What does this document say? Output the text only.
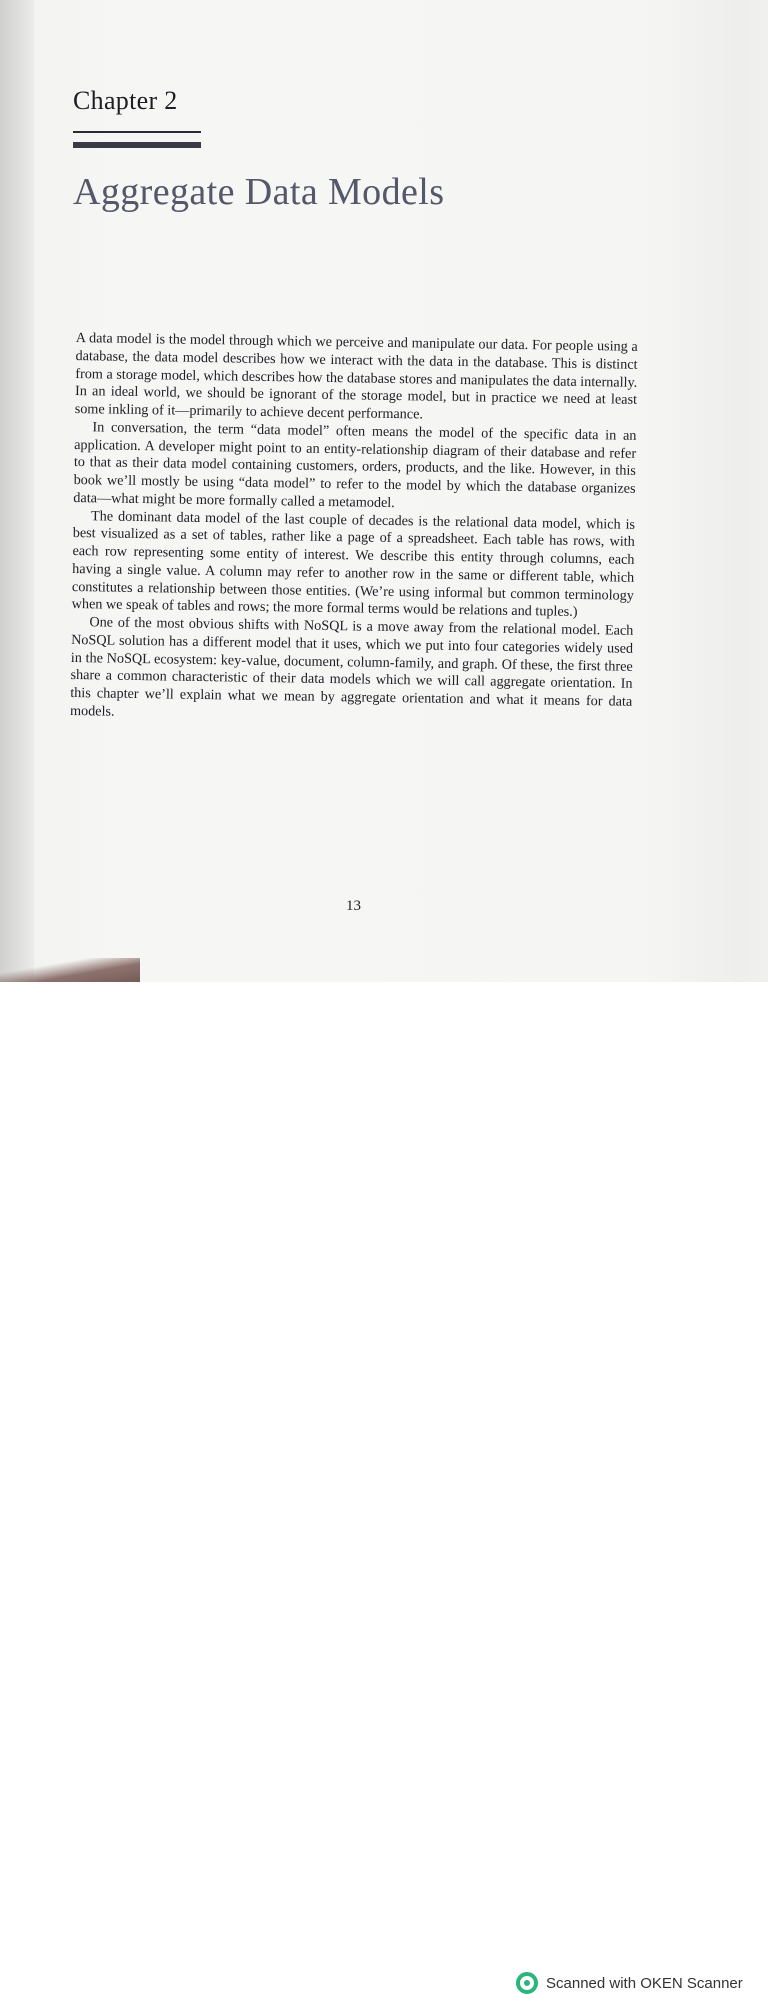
Chapter 2
Aggregate Data Models

A data model is the model through which we perceive and manipulate our data. For people using a database, the data model describes how we interact with the data in the database. This is distinct from a storage model, which describes how the database stores and manipulates the data internally. In an ideal world, we should be ignorant of the storage model, but in practice we need at least some inkling of it—primarily to achieve decent performance.

In conversation, the term “data model” often means the model of the specific data in an application. A developer might point to an entity-relationship diagram of their database and refer to that as their data model containing customers, orders, products, and the like. However, in this book we’ll mostly be using “data model” to refer to the model by which the database organizes data—what might be more formally called a metamodel.

The dominant data model of the last couple of decades is the relational data model, which is best visualized as a set of tables, rather like a page of a spreadsheet. Each table has rows, with each row representing some entity of interest. We describe this entity through columns, each having a single value. A column may refer to another row in the same or different table, which constitutes a relationship between those entities. (We’re using informal but common terminology when we speak of tables and rows; the more formal terms would be relations and tuples.)

One of the most obvious shifts with NoSQL is a move away from the relational model. Each NoSQL solution has a different model that it uses, which we put into four categories widely used in the NoSQL ecosystem: key-value, document, column-family, and graph. Of these, the first three share a common characteristic of their data models which we will call aggregate orientation. In this chapter we’ll explain what we mean by aggregate orientation and what it means for data models.

13
Scanned with OKEN Scanner
